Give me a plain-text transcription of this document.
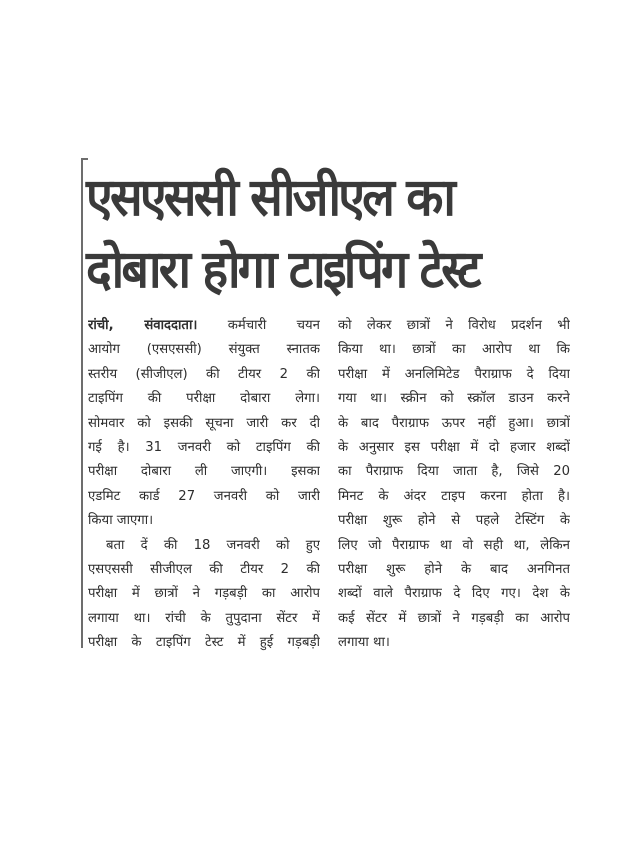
एसएससी सीजीएल का
दोबारा होगा टाइपिंग टेस्ट
रांची, संवाददाता। कर्मचारी चयन
आयोग (एसएससी) संयुक्त स्नातक
स्तरीय (सीजीएल) की टीयर 2 की
टाइपिंग की परीक्षा दोबारा लेगा।
सोमवार को इसकी सूचना जारी कर दी
गई है। 31 जनवरी को टाइपिंग की
परीक्षा दोबारा ली जाएगी। इसका
एडमिट कार्ड 27 जनवरी को जारी
किया जाएगा।
बता दें की 18 जनवरी को हुए
एसएससी सीजीएल की टीयर 2 की
परीक्षा में छात्रों ने गड़बड़ी का आरोप
लगाया था। रांची के तुपुदाना सेंटर में
परीक्षा के टाइपिंग टेस्ट में हुई गड़बड़ी
को लेकर छात्रों ने विरोध प्रदर्शन भी
किया था। छात्रों का आरोप था कि
परीक्षा में अनलिमिटेड पैराग्राफ दे दिया
गया था। स्क्रीन को स्क्रॉल डाउन करने
के बाद पैराग्राफ ऊपर नहीं हुआ। छात्रों
के अनुसार इस परीक्षा में दो हजार शब्दों
का पैराग्राफ दिया जाता है, जिसे 20
मिनट के अंदर टाइप करना होता है।
परीक्षा शुरू होने से पहले टेस्टिंग के
लिए जो पैराग्राफ था वो सही था, लेकिन
परीक्षा शुरू होने के बाद अनगिनत
शब्दों वाले पैराग्राफ दे दिए गए। देश के
कई सेंटर में छात्रों ने गड़बड़ी का आरोप
लगाया था।
